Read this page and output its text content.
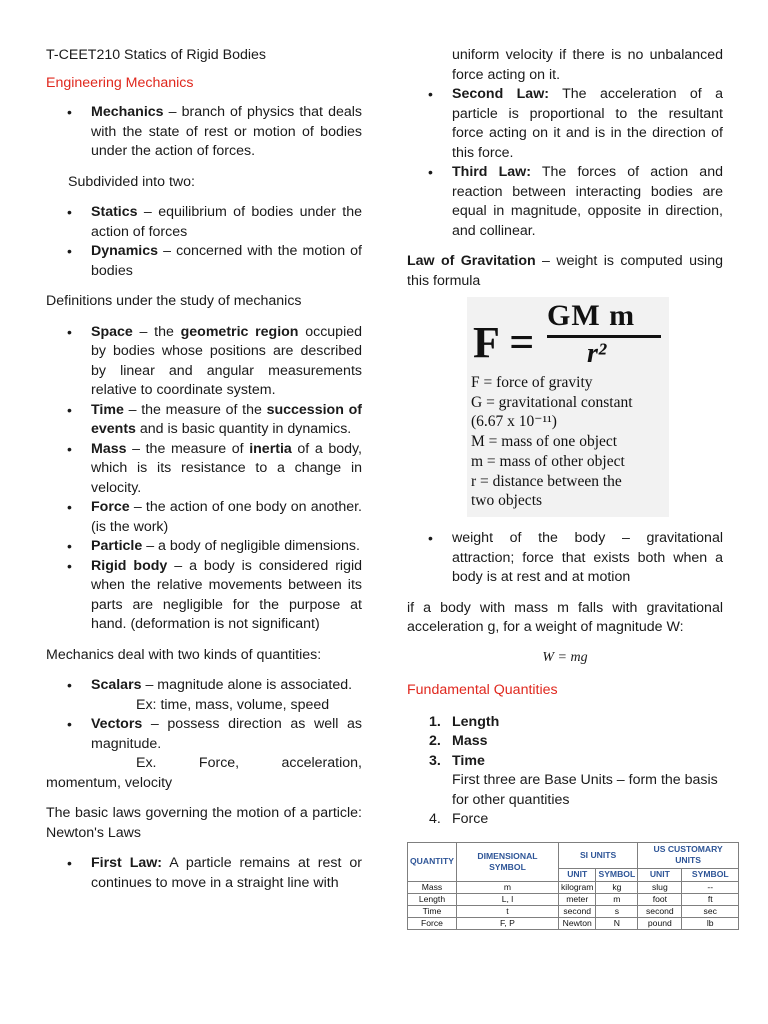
T-CEET210 Statics of Rigid Bodies
Engineering Mechanics
• Mechanics – branch of physics that deals with the state of rest or motion of bodies under the action of forces.
Subdivided into two:
• Statics – equilibrium of bodies under the action of forces
• Dynamics – concerned with the motion of bodies
Definitions under the study of mechanics
• Space – the geometric region occupied by bodies whose positions are described by linear and angular measurements relative to coordinate system.
• Time – the measure of the succession of events and is basic quantity in dynamics.
• Mass – the measure of inertia of a body, which is its resistance to a change in velocity.
• Force – the action of one body on another. (is the work)
• Particle – a body of negligible dimensions.
• Rigid body – a body is considered rigid when the relative movements between its parts are negligible for the purpose at hand. (deformation is not significant)
Mechanics deal with two kinds of quantities:
• Scalars – magnitude alone is associated.
Ex: time, mass, volume, speed
• Vectors – possess direction as well as magnitude.
Ex.	Force,	acceleration,
momentum, velocity
The basic laws governing the motion of a particle: Newton's Laws
• First Law: A particle remains at rest or continues to move in a straight line with
uniform velocity if there is no unbalanced force acting on it.
• Second Law: The acceleration of a particle is proportional to the resultant force acting on it and is in the direction of this force.
• Third Law: The forces of action and reaction between interacting bodies are equal in magnitude, opposite in direction, and collinear.
Law of Gravitation – weight is computed using this formula
F =
GM m
r²
F = force of gravity
G = gravitational constant
(6.67 x 10⁻¹¹)
M = mass of one object
m = mass of other object
r = distance between the
two objects
• weight of the body – gravitational attraction; force that exists both when a body is at rest and at motion
if a body with mass m falls with gravitational acceleration g, for a weight of magnitude W:
W = mg
Fundamental Quantities
1. Length
2. Mass
3. Time
First three are Base Units – form the basis for other quantities
4. Force
QUANTITY	DIMENSIONAL SYMBOL	SI UNITS		US CUSTOMARY UNITS	
		UNIT	SYMBOL	UNIT	SYMBOL
Mass	m	kilogram	kg	slug	--
Length	L, l	meter	m	foot	ft
Time	t	second	s	second	sec
Force	F, P	Newton	N	pound	lb
